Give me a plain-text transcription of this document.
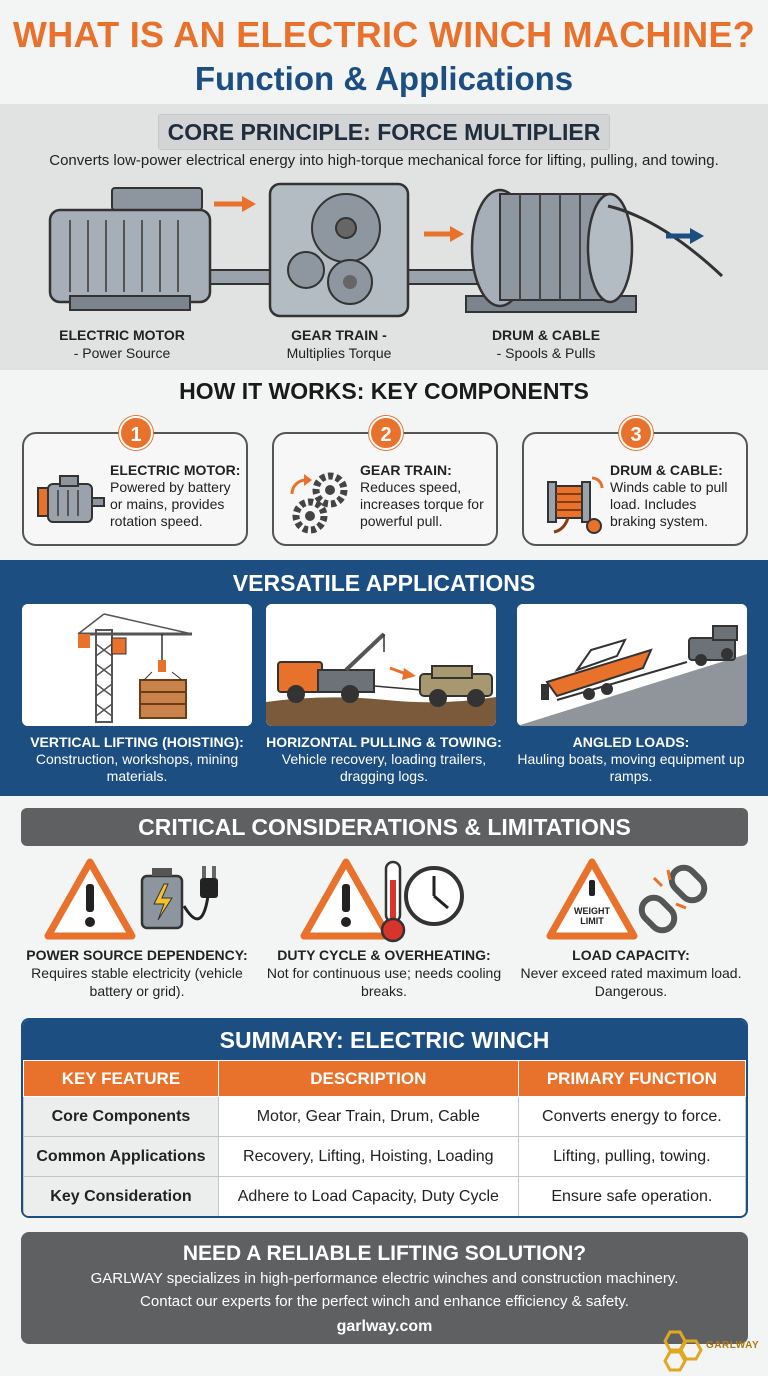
WHAT IS AN ELECTRIC WINCH MACHINE?
Function & Applications
CORE PRINCIPLE: FORCE MULTIPLIER
Converts low-power electrical energy into high-torque mechanical force for lifting, pulling, and towing.
ELECTRIC MOTOR
- Power Source
GEAR TRAIN -
Multiplies Torque
DRUM & CABLE
- Spools & Pulls
HOW IT WORKS: KEY COMPONENTS
1
ELECTRIC MOTOR:
Powered by battery or mains, provides rotation speed.
2
GEAR TRAIN:
Reduces speed, increases torque for powerful pull.
3
DRUM & CABLE:
Winds cable to pull load. Includes braking system.
VERSATILE APPLICATIONS
VERTICAL LIFTING (HOISTING):
Construction, workshops, mining materials.
HORIZONTAL PULLING & TOWING:
Vehicle recovery, loading trailers, dragging logs.
ANGLED LOADS:
Hauling boats, moving equipment up ramps.
CRITICAL CONSIDERATIONS & LIMITATIONS
WEIGHT LIMIT
POWER SOURCE DEPENDENCY:
Requires stable electricity (vehicle battery or grid).
DUTY CYCLE & OVERHEATING:
Not for continuous use; needs cooling breaks.
LOAD CAPACITY:
Never exceed rated maximum load. Dangerous.
SUMMARY: ELECTRIC WINCH
KEY FEATURE	DESCRIPTION	PRIMARY FUNCTION
Core Components	Motor, Gear Train, Drum, Cable	Converts energy to force.
Common Applications	Recovery, Lifting, Hoisting, Loading	Lifting, pulling, towing.
Key Consideration	Adhere to Load Capacity, Duty Cycle	Ensure safe operation.
NEED A RELIABLE LIFTING SOLUTION?
GARLWAY specializes in high-performance electric winches and construction machinery.
Contact our experts for the perfect winch and enhance efficiency & safety.
garlway.com
GARLWAY
